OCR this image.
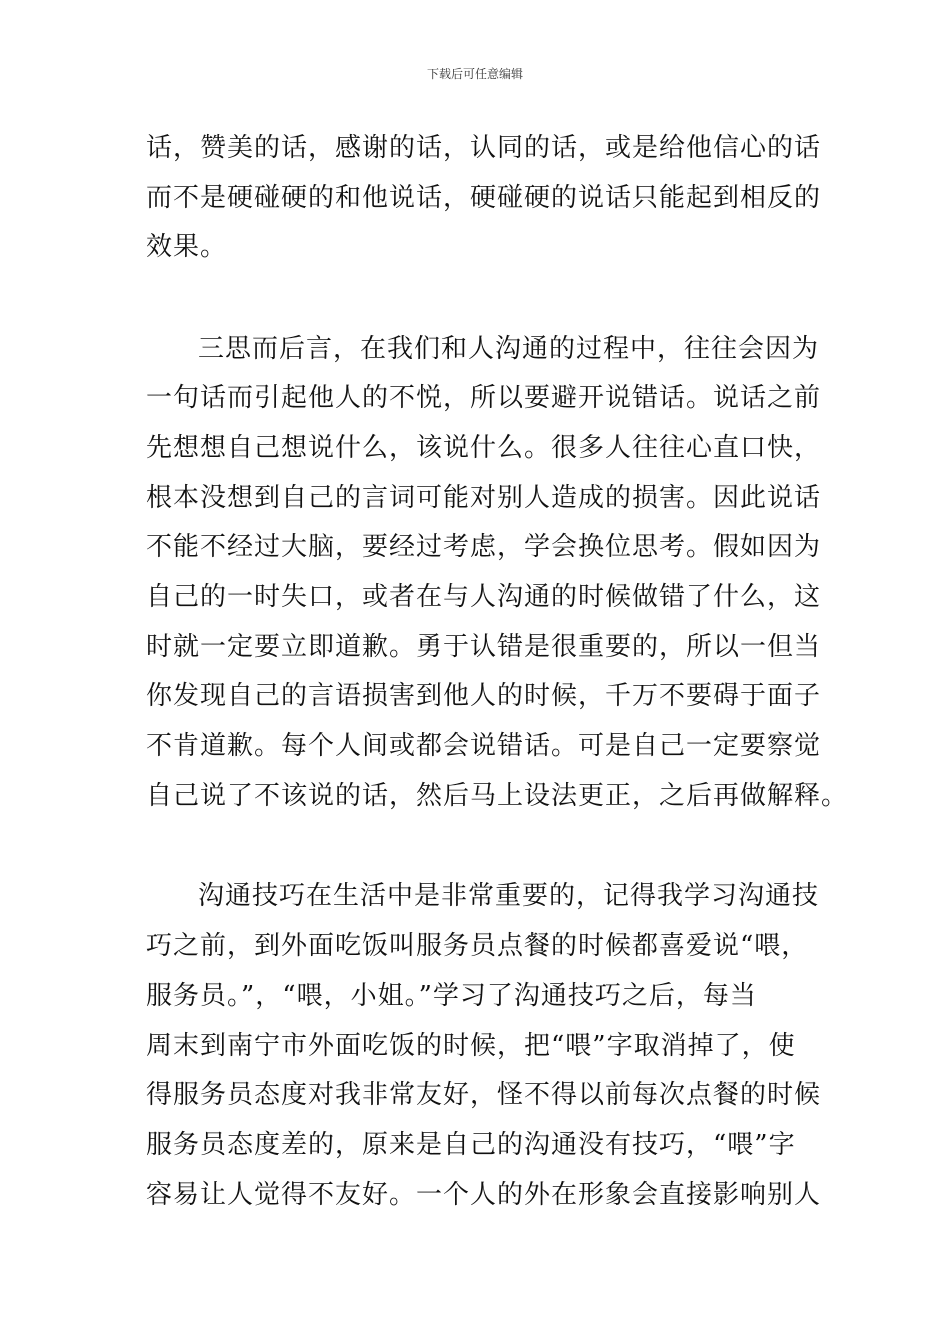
下载后可任意编辑
话，赞美的话，感谢的话，认同的话，或是给他信心的话
而不是硬碰硬的和他说话，硬碰硬的说话只能起到相反的
效果。
三思而后言，在我们和人沟通的过程中，往往会因为
一句话而引起他人的不悦，所以要避开说错话。说话之前
先想想自己想说什么，该说什么。很多人往往心直口快，
根本没想到自己的言词可能对别人造成的损害。因此说话
不能不经过大脑，要经过考虑，学会换位思考。假如因为
自己的一时失口，或者在与人沟通的时候做错了什么，这
时就一定要立即道歉。勇于认错是很重要的，所以一但当
你发现自己的言语损害到他人的时候，千万不要碍于面子
不肯道歉。每个人间或都会说错话。可是自己一定要察觉
自己说了不该说的话，然后马上设法更正，之后再做解释。
沟通技巧在生活中是非常重要的，记得我学习沟通技
巧之前，到外面吃饭叫服务员点餐的时候都喜爱说“喂，
服务员。”，“喂，小姐。”学习了沟通技巧之后，每当
周末到南宁市外面吃饭的时候，把“喂”字取消掉了，使
得服务员态度对我非常友好，怪不得以前每次点餐的时候
服务员态度差的，原来是自己的沟通没有技巧，“喂”字
容易让人觉得不友好。一个人的外在形象会直接影响别人
